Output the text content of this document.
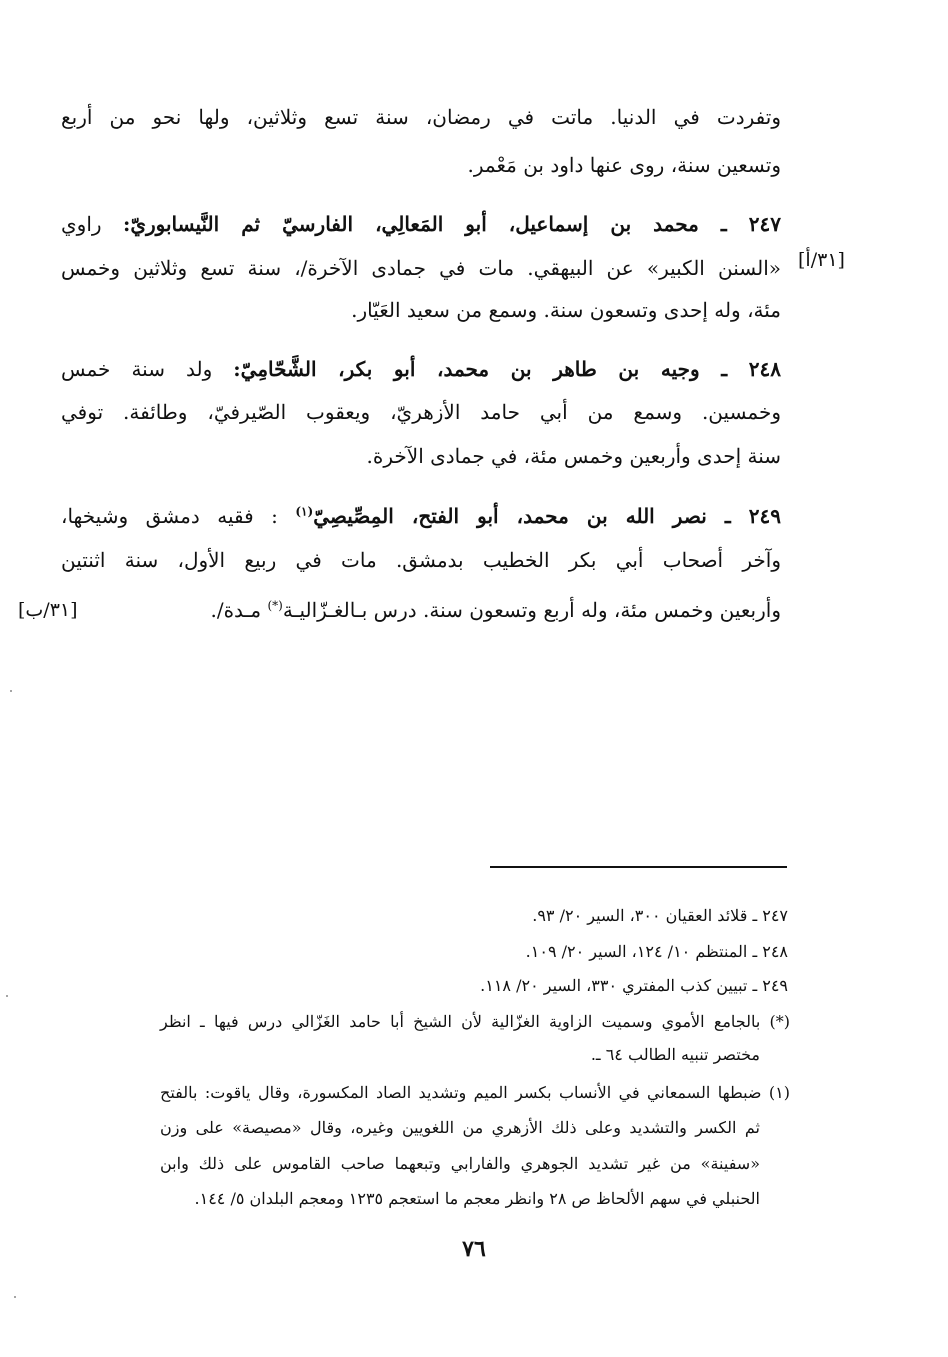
وتفردت في الدنيا. ماتت في رمضان، سنة تسع وثلاثين، ولها نحو من أربع
وتسعين سنة، روى عنها داود بن مَعْمر.
٢٤٧ ـ محمد بن إسماعيل، أبو المَعالِي، الفارسيّ ثم النَّيسابوريّ: راوي
[٣١/أ]
«السنن الكبير» عن البيهقي. مات في جمادى الآخرة/، سنة تسع وثلاثين وخمس
مئة، وله إحدى وتسعون سنة. وسمع من سعيد العَيّار.
٢٤٨ ـ وجيه بن طاهر بن محمد، أبو بكر، الشَّحّامِيّ: ولد سنة خمس
وخمسين. وسمع من أبي حامد الأزهريّ، ويعقوب الصّيرفيّ، وطائفة. توفي
سنة إحدى وأربعين وخمس مئة، في جمادى الآخرة.
٢٤٩ ـ نصر الله بن محمد، أبو الفتح، المِصِّيصِيّ$^{(١)}$ : فقيه دمشق وشيخها،
وآخر أصحاب أبي بكر الخطيب بدمشق. مات في ربيع الأول، سنة اثنتين
وأربعين وخمس مئة، وله أربع وتسعون سنة. درس بـالغـزّاليـة(*) مـدة/.
[٣١/ب]
٢٤٧ ـ قلائد العقيان ٣٠٠، السير ٢٠/ ٩٣.
٢٤٨ ـ المنتظم ١٠/ ١٢٤، السير ٢٠/ ١٠٩.
٢٤٩ ـ تبيين كذب المفتري ٣٣٠، السير ٢٠/ ١١٨.
(*) بالجامع الأموي وسميت الزاوية الغزّالية لأن الشيخ أبا حامد الغَزّالي درس فيها ـ انظر
مختصر تنبيه الطالب ٦٤ ـ.
(١) ضبطها السمعاني في الأنساب بكسر الميم وتشديد الصاد المكسورة، وقال ياقوت: بالفتح
ثم الكسر والتشديد وعلى ذلك الأزهري من اللغويين وغيره، وقال «مصيصة» على وزن
«سفينة» من غير تشديد الجوهري والفارابي وتبعهما صاحب القاموس على ذلك وابن
الحنبلي في سهم الألحاظ ص ٢٨ وانظر معجم ما استعجم ١٢٣٥ ومعجم البلدان ٥/ ١٤٤.
٧٦
